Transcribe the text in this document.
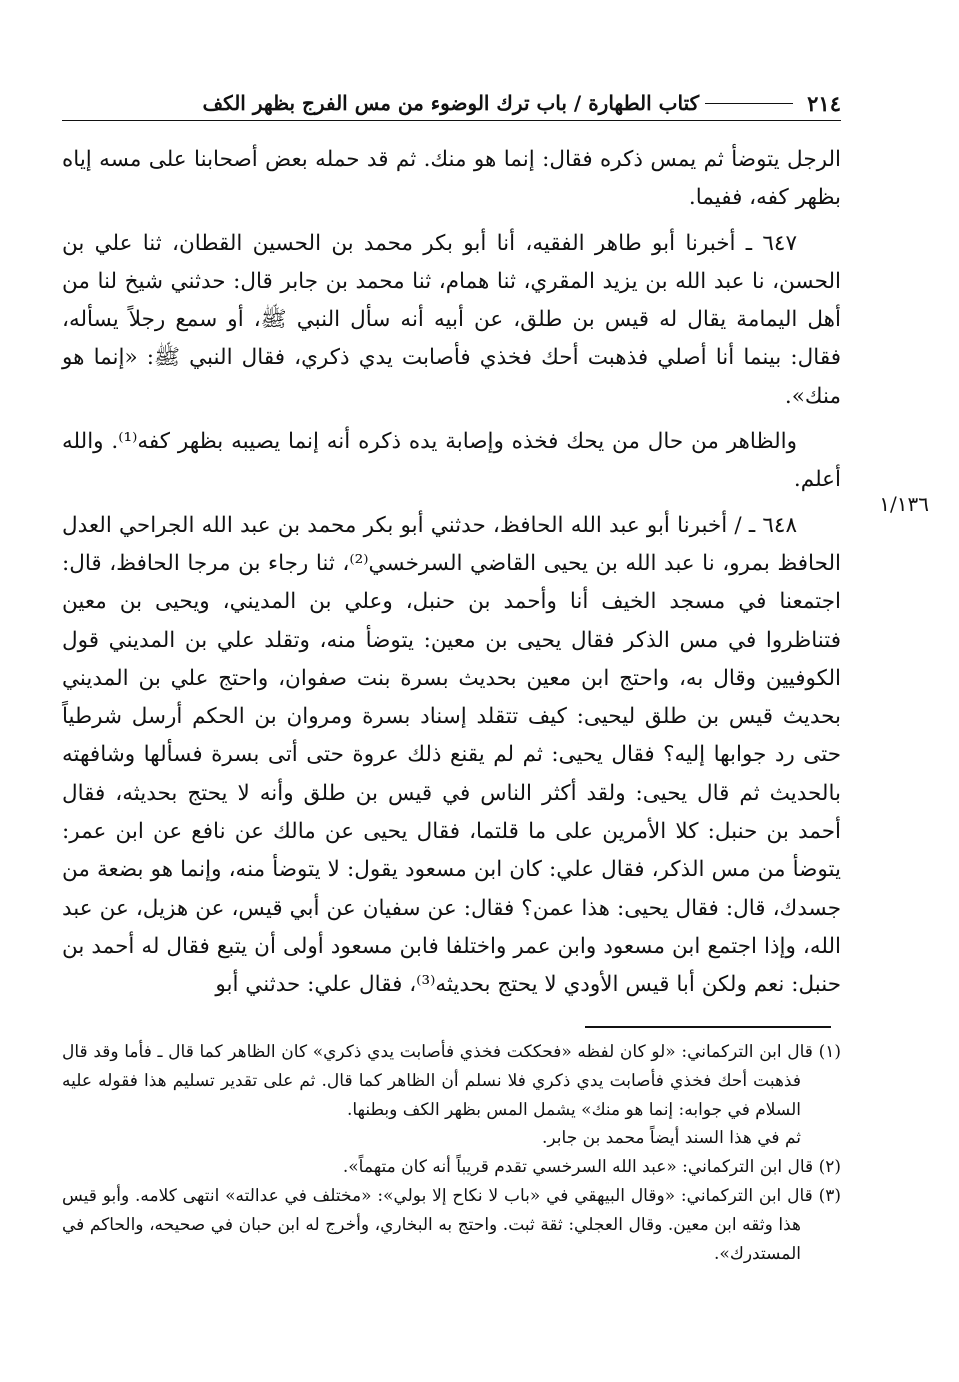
٢١٤
كتاب الطهارة / باب ترك الوضوء من مس الفرج بظهر الكف
١/١٣٦

الرجل يتوضأ ثم يمس ذكره فقال: إنما هو منك. ثم قد حمله بعض أصحابنا على مسه إياه بظهر كفه، ففيما.

٦٤٧ ـ أخبرنا أبو طاهر الفقيه، أنا أبو بكر محمد بن الحسين القطان، ثنا علي بن الحسن، نا عبد الله بن يزيد المقري، ثنا همام، ثنا محمد بن جابر قال: حدثني شيخ لنا من أهل اليمامة يقال له قيس بن طلق، عن أبيه أنه سأل النبي ﷺ، أو سمع رجلاً يسأله، فقال: بينما أنا أصلي فذهبت أحك فخذي فأصابت يدي ذكري، فقال النبي ﷺ: «إنما هو منك».

والظاهر من حال من يحك فخذه وإصابة يده ذكره أنه إنما يصيبه بظهر كفه⁽¹⁾. والله أعلم.

٦٤٨ ـ / أخبرنا أبو عبد الله الحافظ، حدثني أبو بكر محمد بن عبد الله الجراحي العدل الحافظ بمرو، نا عبد الله بن يحيى القاضي السرخسي⁽²⁾، ثنا رجاء بن مرجا الحافظ، قال: اجتمعنا في مسجد الخيف أنا وأحمد بن حنبل، وعلي بن المديني، ويحيى بن معين فتناظروا في مس الذكر فقال يحيى بن معين: يتوضأ منه، وتقلد علي بن المديني قول الكوفيين وقال به، واحتج ابن معين بحديث بسرة بنت صفوان، واحتج علي بن المديني بحديث قيس بن طلق ليحيى: كيف تتقلد إسناد بسرة ومروان بن الحكم أرسل شرطياً حتى رد جوابها إليه؟ فقال يحيى: ثم لم يقنع ذلك عروة حتى أتى بسرة فسألها وشافهته بالحديث ثم قال يحيى: ولقد أكثر الناس في قيس بن طلق وأنه لا يحتج بحديثه، فقال أحمد بن حنبل: كلا الأمرين على ما قلتما، فقال يحيى عن مالك عن نافع عن ابن عمر: يتوضأ من مس الذكر، فقال علي: كان ابن مسعود يقول: لا يتوضأ منه، وإنما هو بضعة من جسدك، قال: فقال يحيى: هذا عمن؟ فقال: عن سفيان عن أبي قيس، عن هزيل، عن عبد الله، وإذا اجتمع ابن مسعود وابن عمر واختلفا فابن مسعود أولى أن يتبع فقال له أحمد بن حنبل: نعم ولكن أبا قيس الأودي لا يحتج بحديثه⁽³⁾، فقال علي: حدثني أبو

(١) قال ابن التركماني: «لو كان لفظه «فحككت فخذي فأصابت يدي ذكري» كان الظاهر كما قال ـ فأما وقد قال فذهبت أحك فخذي فأصابت يدي ذكري فلا نسلم أن الظاهر كما قال. ثم على تقدير تسليم هذا فقوله عليه السلام في جوابه: إنما هو منك» يشمل المس بظهر الكف وبطنها.

ثم في هذا السند أيضاً محمد بن جابر.

(٢) قال ابن التركماني: «عبد الله السرخسي تقدم قريباً أنه كان متهماً».

(٣) قال ابن التركماني: «وقال البيهقي في «باب لا نكاح إلا بولي»: «مختلف في عدالته» انتهى كلامه. وأبو قيس هذا وثقه ابن معين. وقال العجلي: ثقة ثبت. واحتج به البخاري، وأخرج له ابن حبان في صحيحه، والحاكم في المستدرك».
